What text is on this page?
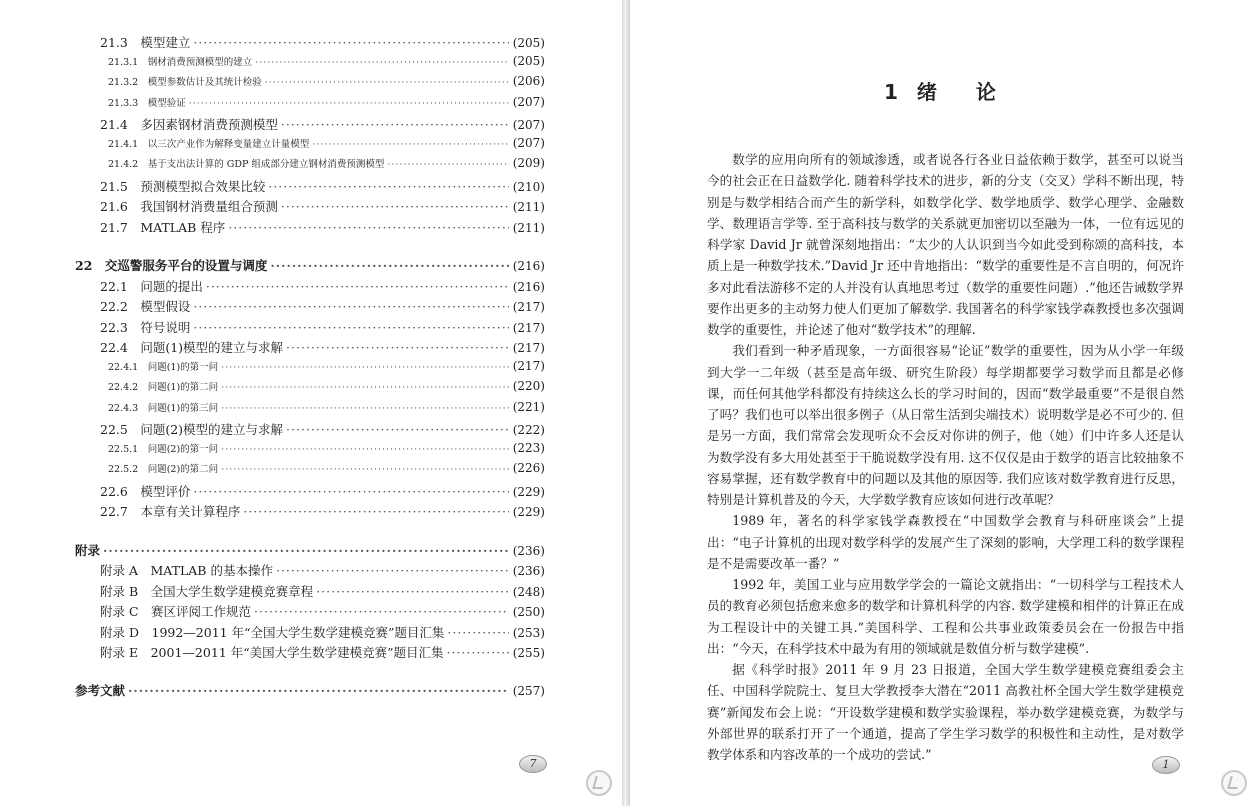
21.3　模型建立 ·····	(205)
21.3.1　钢材消费预测模型的建立 ·····	(205)
21.3.2　模型参数估计及其统计检验 ·····	(206)
21.3.3　模型验证 ·····	(207)
21.4　多因素钢材消费预测模型 ·····	(207)
21.4.1　以三次产业作为解释变量建立计量模型 ·····	(207)
21.4.2　基于支出法计算的 GDP 组成部分建立钢材消费预测模型 ·····	(209)
21.5　预测模型拟合效果比较 ·····	(210)
21.6　我国钢材消费量组合预测 ·····	(211)
21.7　MATLAB 程序 ·····	(211)
22　交巡警服务平台的设置与调度 ·····	(216)
22.1　问题的提出 ·····	(216)
22.2　模型假设 ·····	(217)
22.3　符号说明 ·····	(217)
22.4　问题(1)模型的建立与求解 ·····	(217)
22.4.1　问题(1)的第一问 ·····	(217)
22.4.2　问题(1)的第二问 ·····	(220)
22.4.3　问题(1)的第三问 ·····	(221)
22.5　问题(2)模型的建立与求解 ·····	(222)
22.5.1　问题(2)的第一问 ·····	(223)
22.5.2　问题(2)的第二问 ·····	(226)
22.6　模型评价 ·····	(229)
22.7　本章有关计算程序 ·····	(229)
附录 ·····	(236)
附录 A　MATLAB 的基本操作 ·····	(236)
附录 B　全国大学生数学建模竞赛章程 ·····	(248)
附录 C　赛区评阅工作规范 ·····	(250)
附录 D　1992—2011 年“全国大学生数学建模竞赛”题目汇集 ·····	(253)
附录 E　2001—2011 年“美国大学生数学建模竞赛”题目汇集 ·····	(255)
参考文献 ·····	(257)
7
1 绪 论

数学的应用向所有的领域渗透，或者说各行各业日益依赖于数学，甚至可以说当今的社会正在日益数学化. 随着科学技术的进步，新的分支（交叉）学科不断出现，特别是与数学相结合而产生的新学科，如数学化学、数学地质学、数学心理学、金融数学、数理语言学等. 至于高科技与数学的关系就更加密切以至融为一体，一位有远见的科学家 David Jr 就曾深刻地指出：“太少的人认识到当今如此受到称颂的高科技，本质上是一种数学技术.”David Jr 还中肯地指出：“数学的重要性是不言自明的，何况许多对此看法游移不定的人并没有认真地思考过（数学的重要性问题）.”他还告诫数学界要作出更多的主动努力使人们更加了解数学. 我国著名的科学家钱学森教授也多次强调数学的重要性，并论述了他对“数学技术”的理解.

我们看到一种矛盾现象，一方面很容易“论证”数学的重要性，因为从小学一年级到大学一二年级（甚至是高年级、研究生阶段）每学期都要学习数学而且都是必修课，而任何其他学科都没有持续这么长的学习时间的，因而“数学最重要”不是很自然了吗？我们也可以举出很多例子（从日常生活到尖端技术）说明数学是必不可少的. 但是另一方面，我们常常会发现听众不会反对你讲的例子，他（她）们中许多人还是认为数学没有多大用处甚至于干脆说数学没有用. 这不仅仅是由于数学的语言比较抽象不容易掌握，还有数学教育中的问题以及其他的原因等. 我们应该对数学教育进行反思，特别是计算机普及的今天，大学数学教育应该如何进行改革呢？

1989 年，著名的科学家钱学森教授在“中国数学会教育与科研座谈会”上提出：“电子计算机的出现对数学科学的发展产生了深刻的影响，大学理工科的数学课程是不是需要改革一番？”

1992 年，美国工业与应用数学学会的一篇论文就指出：“一切科学与工程技术人员的教育必须包括愈来愈多的数学和计算机科学的内容. 数学建模和相伴的计算正在成为工程设计中的关键工具.”美国科学、工程和公共事业政策委员会在一份报告中指出：“今天，在科学技术中最为有用的领域就是数值分析与数学建模”.

据《科学时报》2011 年 9 月 23 日报道，全国大学生数学建模竞赛组委会主任、中国科学院院士、复旦大学教授李大潜在“2011 高教社杯全国大学生数学建模竞赛”新闻发布会上说：“开设数学建模和数学实验课程，举办数学建模竞赛，为数学与外部世界的联系打开了一个通道，提高了学生学习数学的积极性和主动性，是对数学教学体系和内容改革的一个成功的尝试.”

1
